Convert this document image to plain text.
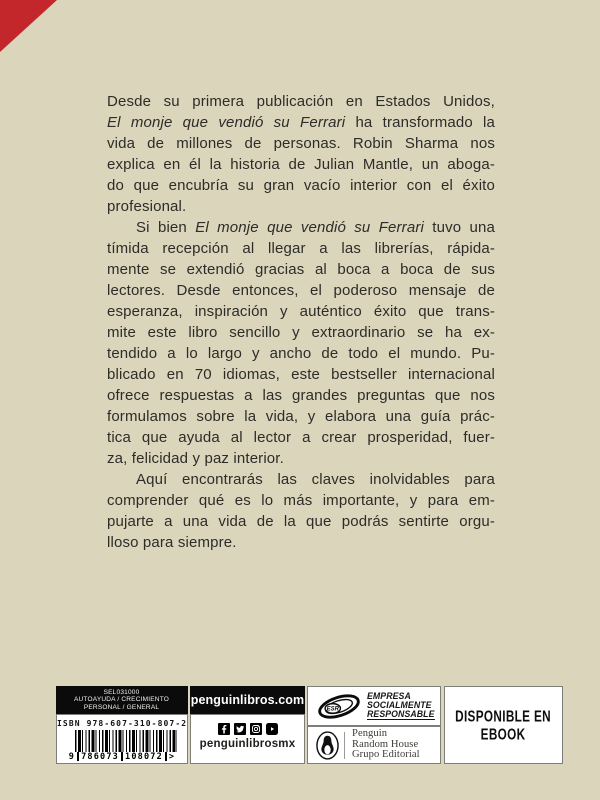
Desde su primera publicación en Estados Unidos,
El monje que vendió su Ferrari ha transformado la
vida de millones de personas. Robin Sharma nos
explica en él la historia de Julian Mantle, un aboga-
do que encubría su gran vacío interior con el éxito
profesional.
Si bien El monje que vendió su Ferrari tuvo una
tímida recepción al llegar a las librerías, rápida-
mente se extendió gracias al boca a boca de sus
lectores. Desde entonces, el poderoso mensaje de
esperanza, inspiración y auténtico éxito que trans-
mite este libro sencillo y extraordinario se ha ex-
tendido a lo largo y ancho de todo el mundo. Pu-
blicado en 70 idiomas, este bestseller internacional
ofrece respuestas a las grandes preguntas que nos
formulamos sobre la vida, y elabora una guía prác-
tica que ayuda al lector a crear prosperidad, fuer-
za, felicidad y paz interior.
Aquí encontrarás las claves inolvidables para
comprender qué es lo más importante, y para em-
pujarte a una vida de la que podrás sentirte orgu-
lloso para siempre.
SEL031000
AUTOAYUDA / CRECIMIENTO
PERSONAL / GENERAL
ISBN 978-607-310-807-2
9 786073 108072 >
penguinlibros.com
penguinlibrosmx
ESR
EMPRESA
SOCIALMENTE
RESPONSABLE
Penguin
Random House
Grupo Editorial
DISPONIBLE EN
EBOOK
